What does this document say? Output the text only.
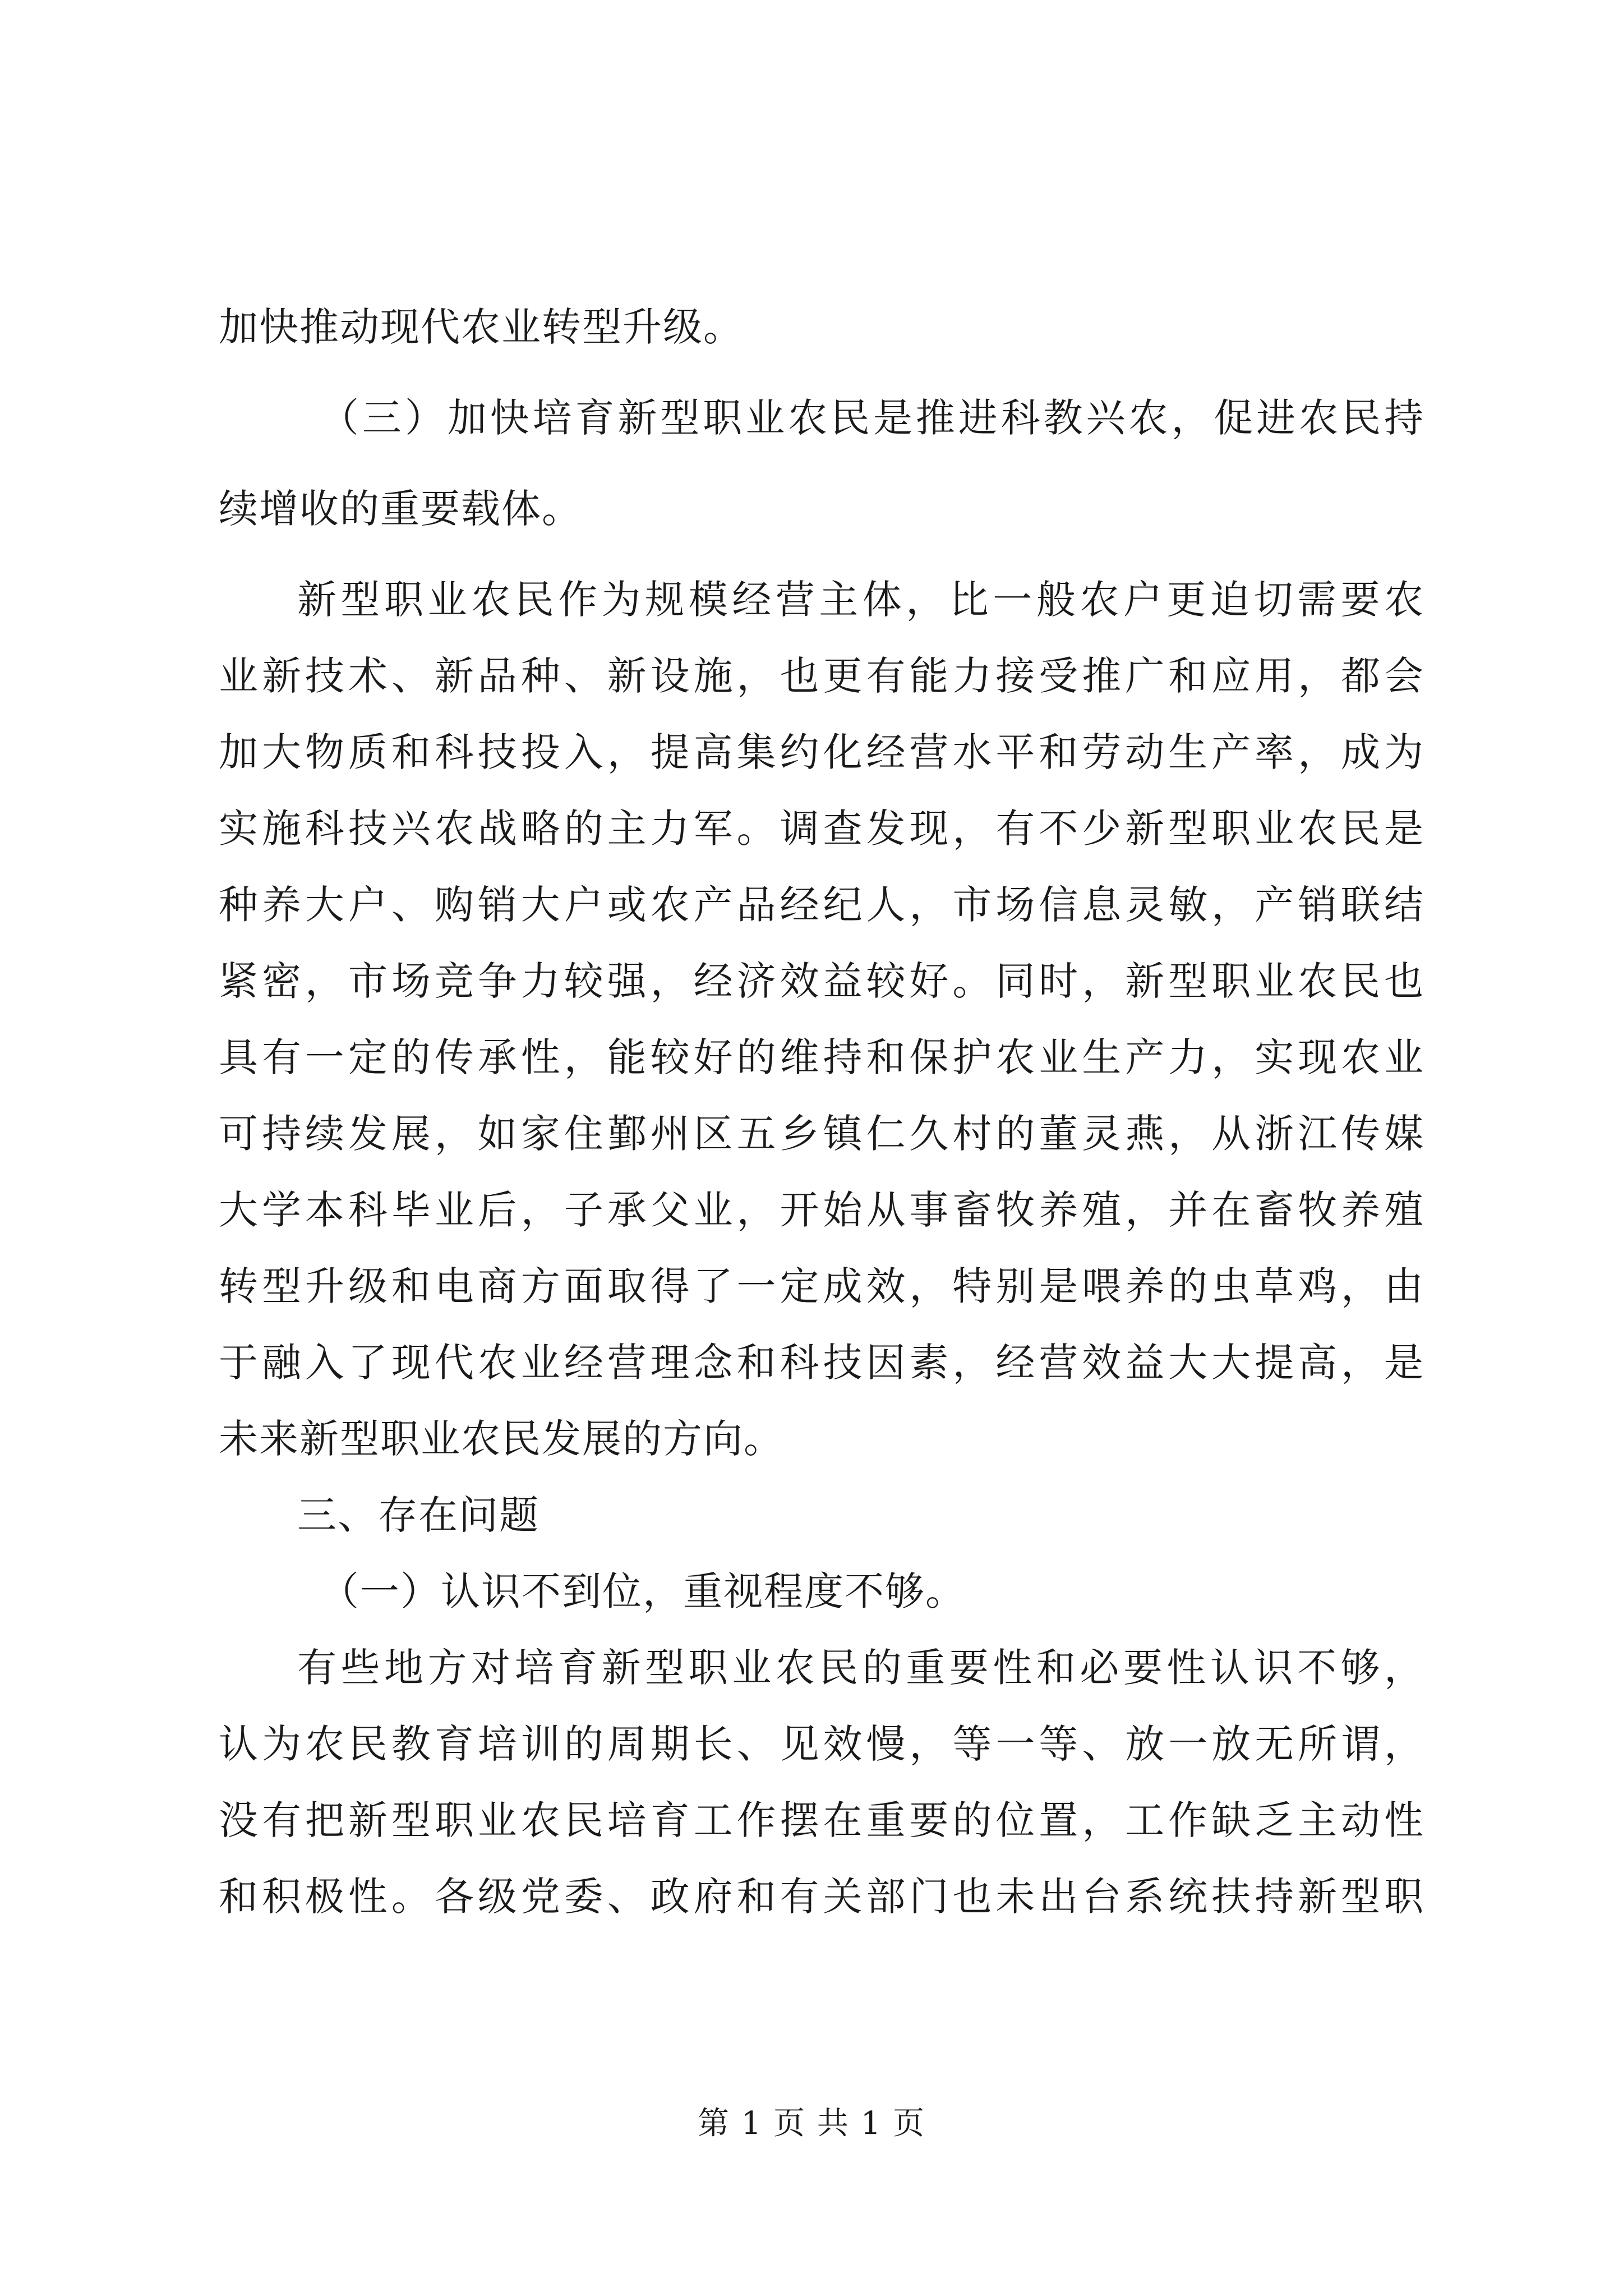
加快推动现代农业转型升级。
（三）加快培育新型职业农民是推进科教兴农，促进农民持
续增收的重要载体。
新型职业农民作为规模经营主体，比一般农户更迫切需要农
业新技术、新品种、新设施，也更有能力接受推广和应用，都会
加大物质和科技投入，提高集约化经营水平和劳动生产率，成为
实施科技兴农战略的主力军。调查发现，有不少新型职业农民是
种养大户、购销大户或农产品经纪人，市场信息灵敏，产销联结
紧密，市场竞争力较强，经济效益较好。同时，新型职业农民也
具有一定的传承性，能较好的维持和保护农业生产力，实现农业
可持续发展，如家住鄞州区五乡镇仁久村的董灵燕，从浙江传媒
大学本科毕业后，子承父业，开始从事畜牧养殖，并在畜牧养殖
转型升级和电商方面取得了一定成效，特别是喂养的虫草鸡，由
于融入了现代农业经营理念和科技因素，经营效益大大提高，是
未来新型职业农民发展的方向。
三、存在问题
（一）认识不到位，重视程度不够。
有些地方对培育新型职业农民的重要性和必要性认识不够，
认为农民教育培训的周期长、见效慢，等一等、放一放无所谓，
没有把新型职业农民培育工作摆在重要的位置，工作缺乏主动性
和积极性。各级党委、政府和有关部门也未出台系统扶持新型职
第 1 页 共 1 页
